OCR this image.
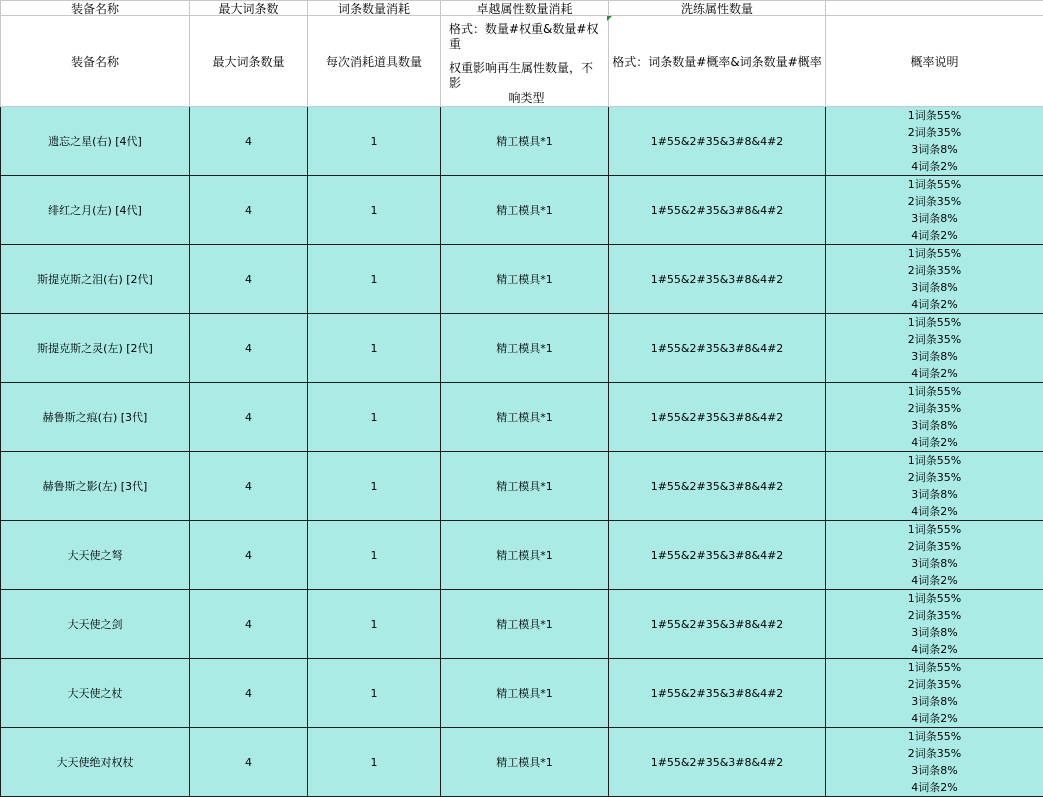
装备名称	最大词条数	词条数量消耗	卓越属性数量消耗	洗练属性数量	
装备名称	最大词条数量	每次消耗道具数量	格式：数量#权重&数量#权重
权重影响再生属性数量，不影
响类型	格式：词条数量#概率&词条数量#概率	概率说明
遗忘之星(右) [4代]	4	1	精工模具*1	1#55&2#35&3#8&4#2	1词条55%
2词条35%
3词条8%
4词条2%

绯红之月(左) [4代]	4	1	精工模具*1	1#55&2#35&3#8&4#2	1词条55%
2词条35%
3词条8%
4词条2%

斯提克斯之泪(右) [2代]	4	1	精工模具*1	1#55&2#35&3#8&4#2	1词条55%
2词条35%
3词条8%
4词条2%

斯提克斯之灵(左) [2代]	4	1	精工模具*1	1#55&2#35&3#8&4#2	1词条55%
2词条35%
3词条8%
4词条2%

赫鲁斯之痕(右) [3代]	4	1	精工模具*1	1#55&2#35&3#8&4#2	1词条55%
2词条35%
3词条8%
4词条2%

赫鲁斯之影(左) [3代]	4	1	精工模具*1	1#55&2#35&3#8&4#2	1词条55%
2词条35%
3词条8%
4词条2%

大天使之弩	4	1	精工模具*1	1#55&2#35&3#8&4#2	1词条55%
2词条35%
3词条8%
4词条2%

大天使之剑	4	1	精工模具*1	1#55&2#35&3#8&4#2	1词条55%
2词条35%
3词条8%
4词条2%

大天使之杖	4	1	精工模具*1	1#55&2#35&3#8&4#2	1词条55%
2词条35%
3词条8%
4词条2%

大天使绝对权杖	4	1	精工模具*1	1#55&2#35&3#8&4#2	1词条55%
2词条35%
3词条8%
4词条2%
